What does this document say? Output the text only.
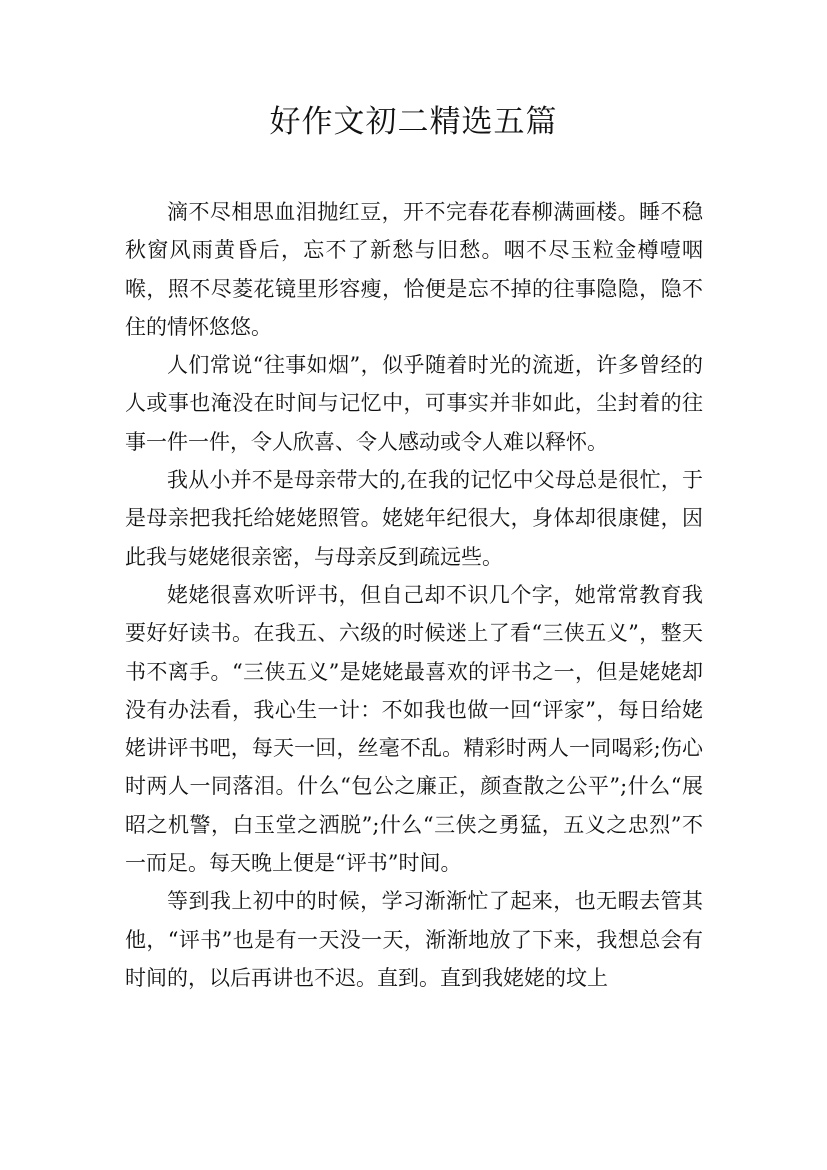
好作文初二精选五篇

滴不尽相思血泪抛红豆，开不完春花春柳满画楼。睡不稳秋窗风雨黄昏后，忘不了新愁与旧愁。咽不尽玉粒金樽噎咽喉，照不尽菱花镜里形容瘦，恰便是忘不掉的往事隐隐，隐不住的情怀悠悠。

人们常说“往事如烟”，似乎随着时光的流逝，许多曾经的人或事也淹没在时间与记忆中，可事实并非如此，尘封着的往事一件一件，令人欣喜、令人感动或令人难以释怀。

我从小并不是母亲带大的,在我的记忆中父母总是很忙，于是母亲把我托给姥姥照管。姥姥年纪很大，身体却很康健，因此我与姥姥很亲密，与母亲反到疏远些。

姥姥很喜欢听评书，但自己却不识几个字，她常常教育我要好好读书。在我五、六级的时候迷上了看“三侠五义”，整天书不离手。“三侠五义”是姥姥最喜欢的评书之一，但是姥姥却没有办法看，我心生一计：不如我也做一回“评家”，每日给姥姥讲评书吧，每天一回，丝毫不乱。精彩时两人一同喝彩;伤心时两人一同落泪。什么“包公之廉正，颜查散之公平”;什么“展昭之机警，白玉堂之洒脱”;什么“三侠之勇猛，五义之忠烈”不一而足。每天晚上便是“评书”时间。

等到我上初中的时候，学习渐渐忙了起来，也无暇去管其他，“评书”也是有一天没一天，渐渐地放了下来，我想总会有时间的，以后再讲也不迟。直到。直到我姥姥的坟上
